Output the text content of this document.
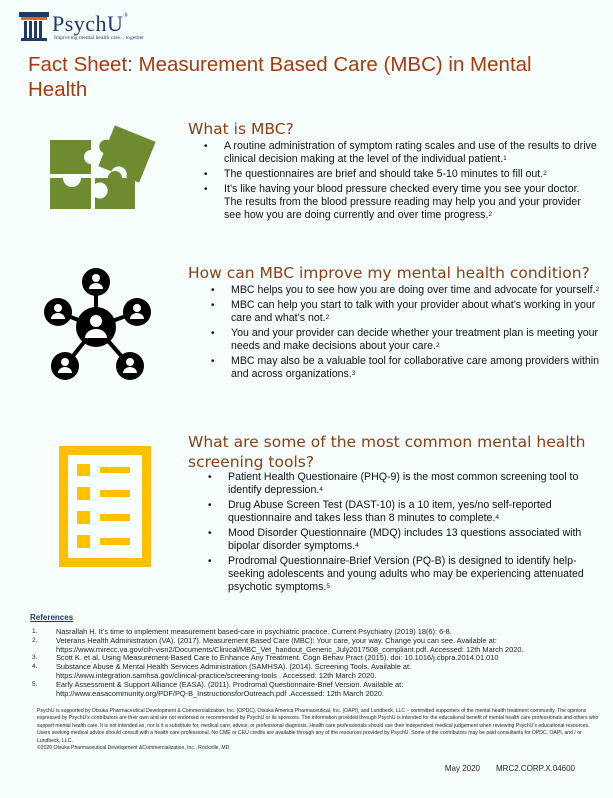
PsychU®
Improving mental health care... together
Fact Sheet: Measurement Based Care (MBC) in Mental Health
What is MBC?
• A routine administration of symptom rating scales and use of the results to drive clinical decision making at the level of the individual patient.$^1$
• The questionnaires are brief and should take 5-10 minutes to fill out.$^2$
• It’s like having your blood pressure checked every time you see your doctor. The results from the blood pressure reading may help you and your provider see how you are doing currently and over time progress.$^2$
How can MBC improve my mental health condition?
• MBC helps you to see how you are doing over time and advocate for yourself.$^2$
• MBC can help you start to talk with your provider about what’s working in your care and what’s not.$^2$
• You and your provider can decide whether your treatment plan is meeting your needs and make decisions about your care.$^2$
• MBC may also be a valuable tool for collaborative care among providers within and across organizations.$^3$
What are some of the most common mental health screening tools?
• Patient Health Questionaire (PHQ-9) is the most common screening tool to identify depression.$^4$
• Drug Abuse Screen Test (DAST-10) is a 10 item, yes/no self-reported questionnaire and takes less than 8 minutes to complete.$^4$
• Mood Disorder Questionnaire (MDQ) includes 13 questions associated with bipolar disorder symptoms.$^4$
• Prodromal Questionnaire-Brief Version (PQ-B) is designed to identify help-seeking adolescents and young adults who may be experiencing attenuated psychotic symptoms.$^5$
References
1.	Nasrallah H. It’s time to implement measurement based-care in psychiatric practice. Current Psychiatry (2019) 18(6): 6-8.
2.	Veterans Health Administration (VA). (2017). Measurement Based Care (MBC): Your care, your way. Change you can see. Available at:
https://www.mirecc.va.gov/cih-visn2/Documents/Clinical/MBC_Vet_handout_Generic_July2017508_compliant.pdf. Accessed: 12th March 2020.
3.	Scott K. et al. Using Measurement-Based Care to Enhance Any Treatment. Cogn Behav Pract (2015). doi: 10.1016/j.cbpra.2014.01.010
4.	Substance Abuse & Mental Health Services Administration (SAMHSA). (2014). Screening Tools. Available at:
https://www.integration.samhsa.gov/clinical-practice/screening-tools . Accessed: 12th March 2020.
5.	Early Assessment & Support Alliance (EASA). (2011). Prodromal Questionnaire-Brief Version. Available at:
http://www.easacommunity.org/PDF/PQ-B_InstructionsforOutreach.pdf .Accessed: 12th March 2020.

PsychU is supported by Otsuka Pharmaceutical Development & Commercialization, Inc. (OPDC), Otsuka America Pharmaceutical, Inc. (OAPI), and Lundbeck, LLC – committed supporters of the mental health treatment community. The opinions expressed by PsychU’s contributors are their own and are not endorsed or recommended by PsychU or its sponsors. The information provided through PsychU is intended for the educational benefit of mental health care professionals and others who support mental health care. It is not intended as, nor is it a substitute for, medical care, advice, or professional diagnosis. Health care professionals should use their independent medical judgement when reviewing PsychU’s educational resources. Users seeking medical advice should consult with a health care professional. No CME or CEU credits are available through any of the resources provided by PsychU. Some of the contributors may be paid consultants for OPDC, OAPI, and / or Lundbeck, LLC.

©2020 Otsuka Pharmaceutical Development &Commercialization, Inc., Rockville, MD

May 2020 MRC2.CORP.X.04600
